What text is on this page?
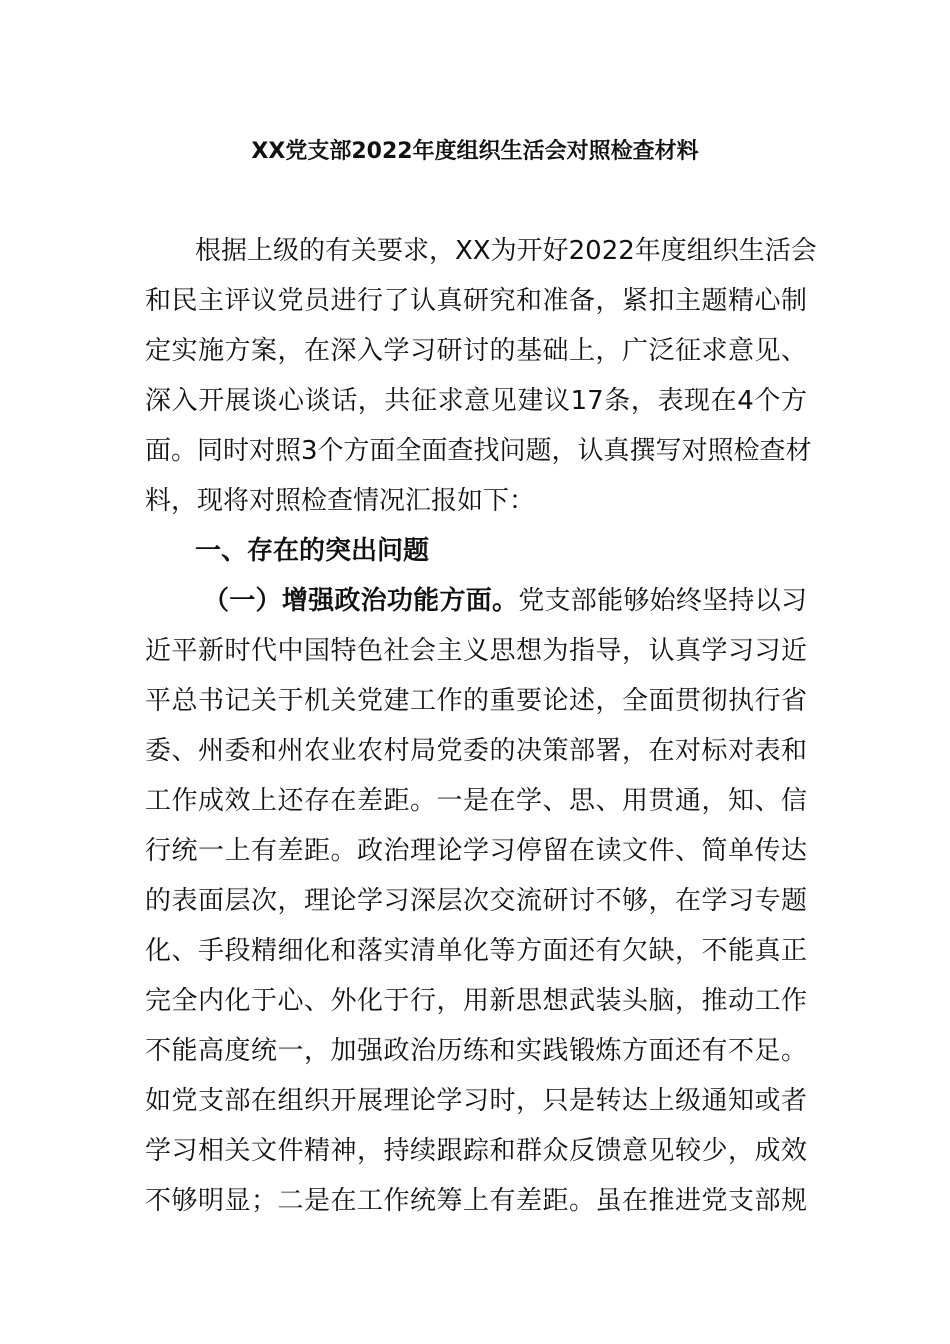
XX党支部2022年度组织生活会对照检查材料
根据上级的有关要求，XX为开好2022年度组织生活会
和民主评议党员进行了认真研究和准备，紧扣主题精心制
定实施方案，在深入学习研讨的基础上，广泛征求意见、
深入开展谈心谈话，共征求意见建议17条，表现在4个方
面。同时对照3个方面全面查找问题，认真撰写对照检查材
料，现将对照检查情况汇报如下：
一、存在的突出问题
（一）增强政治功能方面。党支部能够始终坚持以习
近平新时代中国特色社会主义思想为指导，认真学习习近
平总书记关于机关党建工作的重要论述，全面贯彻执行省
委、州委和州农业农村局党委的决策部署，在对标对表和
工作成效上还存在差距。一是在学、思、用贯通，知、信
行统一上有差距。政治理论学习停留在读文件、简单传达
的表面层次，理论学习深层次交流研讨不够，在学习专题
化、手段精细化和落实清单化等方面还有欠缺，不能真正
完全内化于心、外化于行，用新思想武装头脑，推动工作
不能高度统一，加强政治历练和实践锻炼方面还有不足。
如党支部在组织开展理论学习时，只是转达上级通知或者
学习相关文件精神，持续跟踪和群众反馈意见较少，成效
不够明显；二是在工作统筹上有差距。虽在推进党支部规
